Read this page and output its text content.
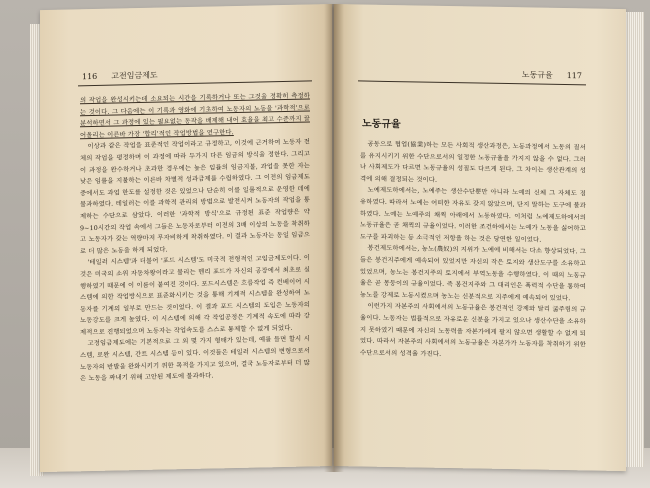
116 고전임금제도

의 작업을 완성시키는데 소요되는 시간을 기록하거나 또는 그것을 정확히 측정하는 것이다. 그 다음에는 이 기록과 영화에 기초하여 노동자의 노동을 '과학적'으로 분석하면서 그 과정에 있는 필요없는 동작을 배제해 내어 효율을 최고 수준까지 끌어올리는 이른바 가장 '합리'적인 작업방법을 연구한다.

이상과 같은 작업을 표준적인 작업이라고 규정하고, 이것에 근거하여 노동자 전체의 작업을 평정하며 이 과정에 따라 두가지 다른 임금의 방식을 정한다. 그리고 이 과정을 완수하거나 초과한 경우에는 높은 임률의 임금지불, 과업을 못한 자는 낮은 임률을 지불하는 이른바 차별적 성과급제를 수립하였다. 그 이전의 임금제도 중에서도 과업 한도를 설정한 것은 있었으나 단순히 이를 일률적으로 운영한 데에 불과하였다. 테일러는 이를 과학적 관리의 방법으로 발전시켜 노동자의 작업을 통제하는 수단으로 삼았다. 이러한 '과학적 방식'으로 규정된 표준 작업량은 약 9~10시간의 작업 속에서 그들은 노동자로부터 이전의 3배 이상의 노동을 착취하고 노동자가 갖는 역량마저 무자비하게 착취하였다. 이 결과 노동자는 동일 임금으로 더 많은 노동을 하게 되었다.

'테일러 시스템'과 더불어 '포드 시스템'도 미국적 전형적인 고임금제도이다. 이것은 미국의 소위 자동차왕이라고 불리는 헨리 포드가 자신의 공장에서 최초로 실행하였기 때문에 이 이름이 붙여진 것이다. 포드시스템은 흐름작업 즉 컨베이어 시스템에 의한 작업방식으로 표준화시키는 것을 통해 기계적 시스템을 완성하여 노동자를 기계의 일부로 만드는 것이었다. 이 결과 포드 시스템의 도입은 노동자의 노동강도를 크게 높였다. 이 시스템에 의해 각 작업공정은 기계적 속도에 따라 강제적으로 진행되었으며 노동자는 작업속도를 스스로 통제할 수 없게 되었다.

고정임금제도에는 기본적으로 그 외 몇 가지 형태가 있는데, 예를 들면 할시 시스템, 로완 시스템, 간트 시스템 등이 있다. 이것들은 테일러 시스템의 변형으로서 노동자의 반발을 완화시키기 위한 목적을 가지고 있으며, 결국 노동자로부터 더 많은 노동을 짜내기 위해 고안된 제도에 불과하다.

노동규율 117
노동규율

공동으로 협업(協業)하는 모든 사회적 생산과정은, 노동과정에서 노동의 질서를 유지시키기 위한 수단으로서의 일정한 노동규율을 가지지 않을 수 없다. 그러나 사회제도가 다르면 노동규율의 성질도 다르게 된다. 그 차이는 생산관계의 성격에 의해 결정되는 것이다.

노예제도하에서는, 노예주는 생산수단뿐만 아니라 노예의 신체 그 자체도 점유하였다. 따라서 노예는 어떠한 자유도 갖지 않았으며, 단지 말하는 도구에 불과하였다. 노예는 노예주의 채찍 아래에서 노동하였다. 이처럼 노예제도하에서의 노동규율은 곧 채찍의 규율이었다. 이러한 조건하에서는 노예가 노동을 싫어하고 도구를 파괴하는 등 소극적인 저항을 하는 것은 당연한 일이었다.

봉건제도하에서는, 농노(農奴)의 지위가 노예에 비해서는 다소 향상되었다. 그들은 봉건지주에게 예속되어 있었지만 자신의 작은 토지와 생산도구를 소유하고 있었으며, 농노는 봉건지주의 토지에서 부역노동을 수행하였다. 이 때의 노동규율은 곧 몽둥이의 규율이었다. 즉 봉건지주와 그 대리인은 폭력적 수단을 통하여 농노를 강제로 노동시켰으며 농노는 신분적으로 지주에게 예속되어 있었다.

이런가지 자본주의 사회에서의 노동규율은 봉건적인 강제와 달리 굶주림의 규율이다. 노동자는 법률적으로 자유로운 신분을 가지고 있으나 생산수단을 소유하지 못하였기 때문에 자신의 노동력을 자본가에게 팔지 않으면 생활할 수 없게 되었다. 따라서 자본주의 사회에서의 노동규율은 자본가가 노동자를 착취하기 위한 수단으로서의 성격을 가진다.
